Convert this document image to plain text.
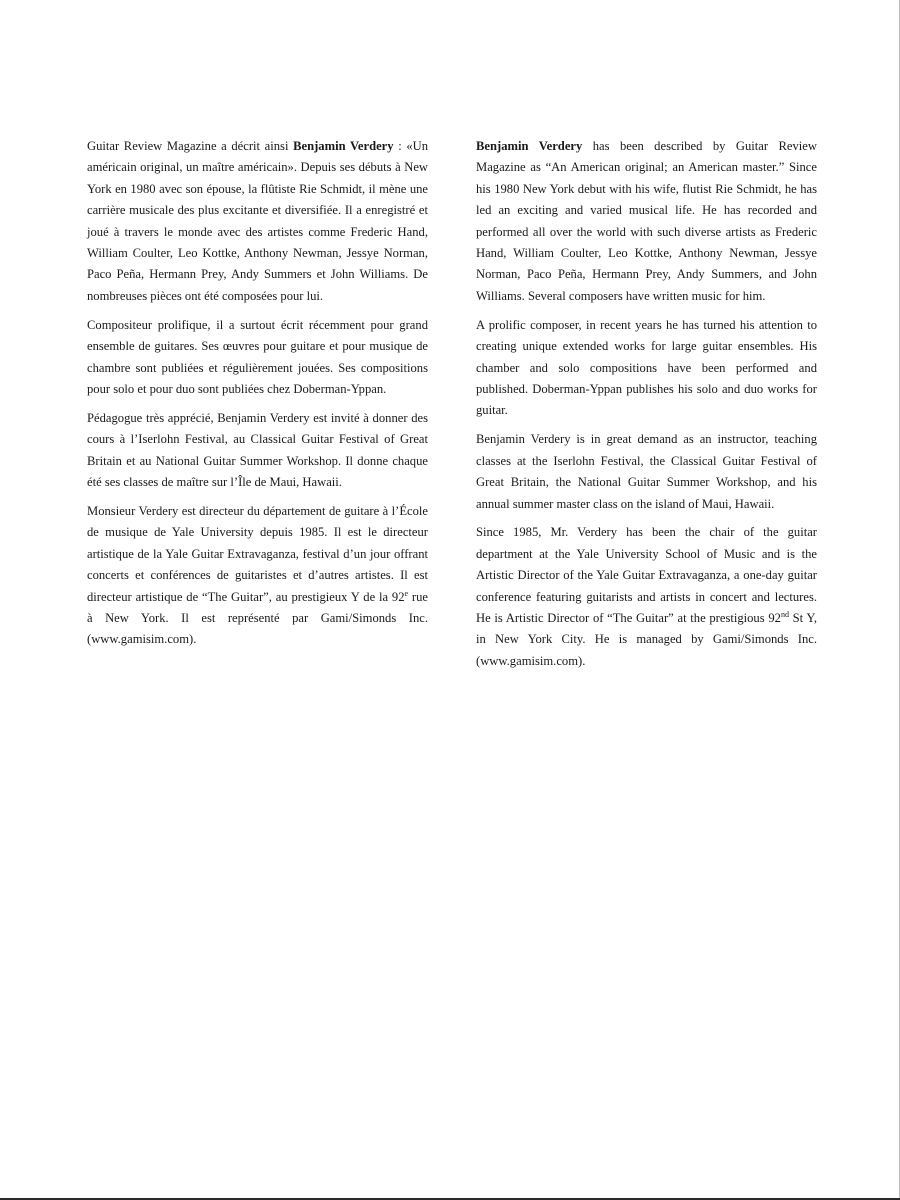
Guitar Review Magazine a décrit ainsi Benjamin Verdery : «Un américain original, un maître américain». Depuis ses débuts à New York en 1980 avec son épouse, la flûtiste Rie Schmidt, il mène une carrière musicale des plus excitante et diversifiée. Il a enregistré et joué à travers le monde avec des artistes comme Frederic Hand, William Coulter, Leo Kottke, Anthony Newman, Jessye Norman, Paco Peña, Hermann Prey, Andy Summers et John Williams. De nombreuses pièces ont été composées pour lui.

Compositeur prolifique, il a surtout écrit récemment pour grand ensemble de guitares. Ses œuvres pour guitare et pour musique de chambre sont publiées et régulièrement jouées. Ses compositions pour solo et pour duo sont publiées chez Doberman-Yppan.

Pédagogue très apprécié, Benjamin Verdery est invité à donner des cours à l’Iserlohn Festival, au Classical Guitar Festival of Great Britain et au National Guitar Summer Workshop. Il donne chaque été ses classes de maître sur l’Île de Maui, Hawaii.

Monsieur Verdery est directeur du département de guitare à l’École de musique de Yale University depuis 1985. Il est le directeur artistique de la Yale Guitar Extravaganza, festival d’un jour offrant concerts et conférences de guitaristes et d’autres artistes. Il est directeur artistique de “The Guitar”, au prestigieux Y de la 92e rue à New York. Il est représenté par Gami/Simonds Inc. (www.gamisim.com).

Benjamin Verdery has been described by Guitar Review Magazine as “An American original; an American master.” Since his 1980 New York debut with his wife, flutist Rie Schmidt, he has led an exciting and varied musical life. He has recorded and performed all over the world with such diverse artists as Frederic Hand, William Coulter, Leo Kottke, Anthony Newman, Jessye Norman, Paco Peña, Hermann Prey, Andy Summers, and John Williams. Several composers have written music for him.

A prolific composer, in recent years he has turned his attention to creating unique extended works for large guitar ensembles. His chamber and solo compositions have been performed and published. Doberman-Yppan publishes his solo and duo works for guitar.

Benjamin Verdery is in great demand as an instructor, teaching classes at the Iserlohn Festival, the Classical Guitar Festival of Great Britain, the National Guitar Summer Workshop, and his annual summer master class on the island of Maui, Hawaii.

Since 1985, Mr. Verdery has been the chair of the guitar department at the Yale University School of Music and is the Artistic Director of the Yale Guitar Extravaganza, a one-day guitar conference featuring guitarists and artists in concert and lectures. He is Artistic Director of “The Guitar” at the prestigious 92nd St Y, in New York City. He is managed by Gami/Simonds Inc. (www.gamisim.com).
